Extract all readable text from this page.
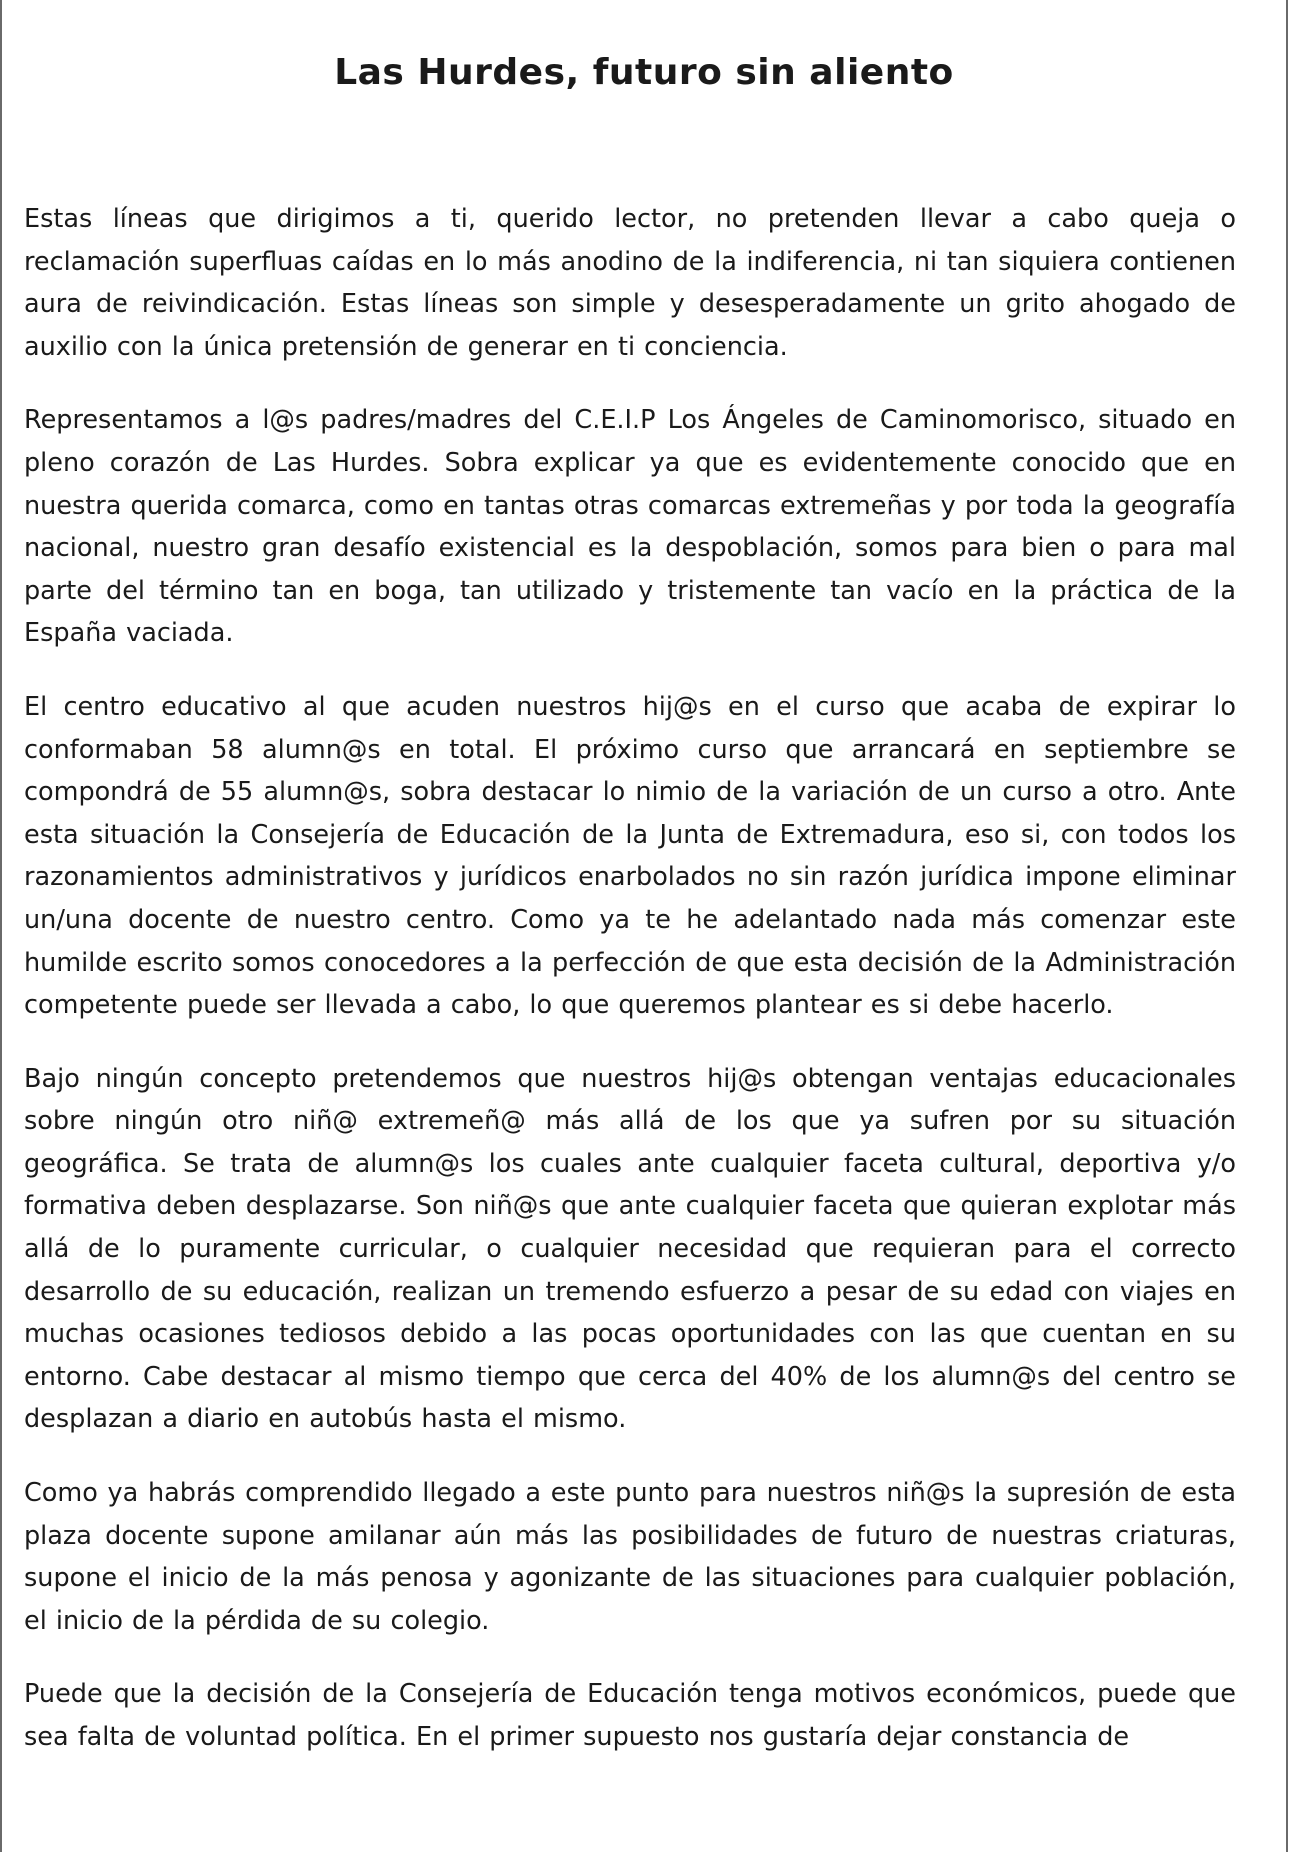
Las Hurdes, futuro sin aliento

Estas líneas que dirigimos a ti, querido lector, no pretenden llevar a cabo queja o reclamación superfluas caídas en lo más anodino de la indiferencia, ni tan siquiera contienen aura de reivindicación. Estas líneas son simple y desesperadamente un grito ahogado de auxilio con la única pretensión de generar en ti conciencia.

Representamos a l@s padres/madres del C.E.I.P Los Ángeles de Caminomorisco, situado en pleno corazón de Las Hurdes. Sobra explicar ya que es evidentemente conocido que en nuestra querida comarca, como en tantas otras comarcas extremeñas y por toda la geografía nacional, nuestro gran desafío existencial es la despoblación, somos para bien o para mal parte del término tan en boga, tan utilizado y tristemente tan vacío en la práctica de la España vaciada.

El centro educativo al que acuden nuestros hij@s en el curso que acaba de expirar lo conformaban 58 alumn@s en total. El próximo curso que arrancará en septiembre se compondrá de 55 alumn@s, sobra destacar lo nimio de la variación de un curso a otro. Ante esta situación la Consejería de Educación de la Junta de Extremadura, eso si, con todos los razonamientos administrativos y jurídicos enarbolados no sin razón jurídica impone eliminar un/una docente de nuestro centro. Como ya te he adelantado nada más comenzar este humilde escrito somos conocedores a la perfección de que esta decisión de la Administración competente puede ser llevada a cabo, lo que queremos plantear es si debe hacerlo.

Bajo ningún concepto pretendemos que nuestros hij@s obtengan ventajas educacionales sobre ningún otro niñ@ extremeñ@ más allá de los que ya sufren por su situación geográfica. Se trata de alumn@s los cuales ante cualquier faceta cultural, deportiva y/o formativa deben desplazarse. Son niñ@s que ante cualquier faceta que quieran explotar más allá de lo puramente curricular, o cualquier necesidad que requieran para el correcto desarrollo de su educación, realizan un tremendo esfuerzo a pesar de su edad con viajes en muchas ocasiones tediosos debido a las pocas oportunidades con las que cuentan en su entorno. Cabe destacar al mismo tiempo que cerca del 40% de los alumn@s del centro se desplazan a diario en autobús hasta el mismo.

Como ya habrás comprendido llegado a este punto para nuestros niñ@s la supresión de esta plaza docente supone amilanar aún más las posibilidades de futuro de nuestras criaturas, supone el inicio de la más penosa y agonizante de las situaciones para cualquier población, el inicio de la pérdida de su colegio.

Puede que la decisión de la Consejería de Educación tenga motivos económicos, puede que sea falta de voluntad política. En el primer supuesto nos gustaría dejar constancia de
